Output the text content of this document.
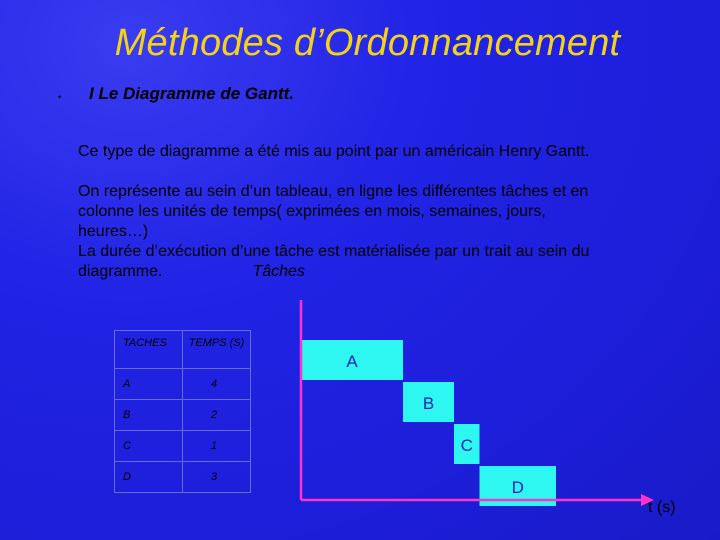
Méthodes d’Ordonnancement
• I Le Diagramme de Gantt.

Ce type de diagramme a été mis au point par un américain Henry Gantt.

On représente au sein d’un tableau, en ligne les différentes tâches et en
colonne les unités de temps( exprimées en mois, semaines, jours,
heures…)
La durée d’exécution d’une tâche est matérialisée par un trait au sein du
diagramme.	Tâches

TACHES	TEMPS (S)
A	4
B	2
C	1
D	3
A
B
C
D
t (s)
